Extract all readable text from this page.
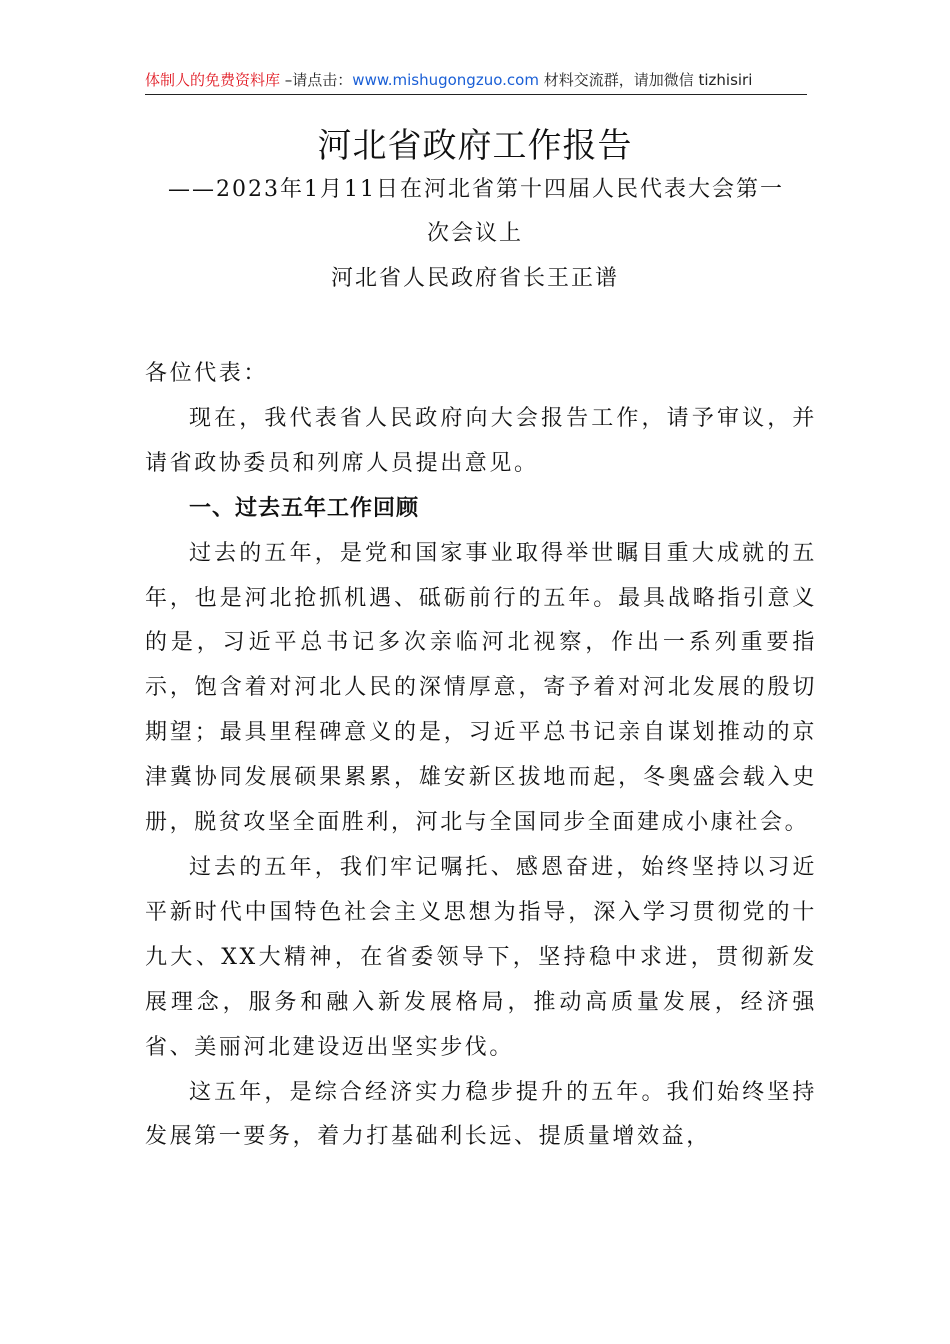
体制人的免费资料库 –请点击：www.mishugongzuo.com 材料交流群，请加微信 tizhisiri
河北省政府工作报告
——2023年1月11日在河北省第十四届人民代表大会第一
次会议上
河北省人民政府省长王正谱

各位代表：

现在，我代表省人民政府向大会报告工作，请予审议，并请省政协委员和列席人员提出意见。

一、过去五年工作回顾

过去的五年，是党和国家事业取得举世瞩目重大成就的五年，也是河北抢抓机遇、砥砺前行的五年。最具战略指引意义的是，习近平总书记多次亲临河北视察，作出一系列重要指示，饱含着对河北人民的深情厚意，寄予着对河北发展的殷切期望；最具里程碑意义的是，习近平总书记亲自谋划推动的京津冀协同发展硕果累累，雄安新区拔地而起，冬奥盛会载入史册，脱贫攻坚全面胜利，河北与全国同步全面建成小康社会。

过去的五年，我们牢记嘱托、感恩奋进，始终坚持以习近平新时代中国特色社会主义思想为指导，深入学习贯彻党的十九大、XX大精神，在省委领导下，坚持稳中求进，贯彻新发展理念，服务和融入新发展格局，推动高质量发展，经济强省、美丽河北建设迈出坚实步伐。

这五年，是综合经济实力稳步提升的五年。我们始终坚持发展第一要务，着力打基础利长远、提质量增效益，
